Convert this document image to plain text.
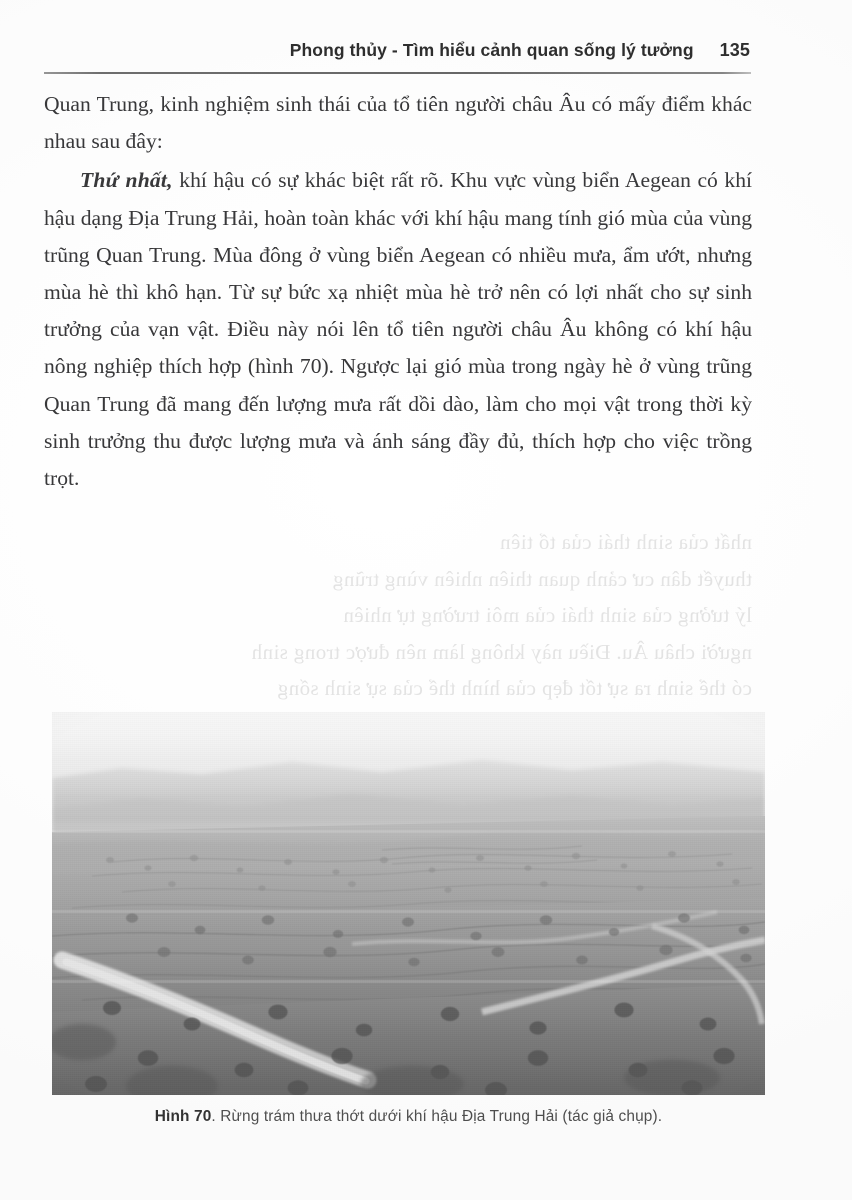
Phong thủy - Tìm hiểu cảnh quan sống lý tưởng 135

nhất của sinh thái của tổ tiên

thuyết dân cư cảnh quan thiên nhiên vùng trũng

lý tưởng của sinh thái của môi trường tự nhiên

người châu Âu. Điều này không làm nên được trong sinh

có thể sinh ra sự tốt đẹp của hình thể của sự sinh sống

Quan Trung, kinh nghiệm sinh thái của tổ tiên người châu Âu có mấy điểm khác nhau sau đây:

Thứ nhất, khí hậu có sự khác biệt rất rõ. Khu vực vùng biển Aegean có khí hậu dạng Địa Trung Hải, hoàn toàn khác với khí hậu mang tính gió mùa của vùng trũng Quan Trung. Mùa đông ở vùng biển Aegean có nhiều mưa, ẩm ướt, nhưng mùa hè thì khô hạn. Từ sự bức xạ nhiệt mùa hè trở nên có lợi nhất cho sự sinh trưởng của vạn vật. Điều này nói lên tổ tiên người châu Âu không có khí hậu nông nghiệp thích hợp (hình 70). Ngược lại gió mùa trong ngày hè ở vùng trũng Quan Trung đã mang đến lượng mưa rất dồi dào, làm cho mọi vật trong thời kỳ sinh trưởng thu được lượng mưa và ánh sáng đầy đủ, thích hợp cho việc trồng trọt.

Hình 70. Rừng trám thưa thớt dưới khí hậu Địa Trung Hải (tác giả chụp).
